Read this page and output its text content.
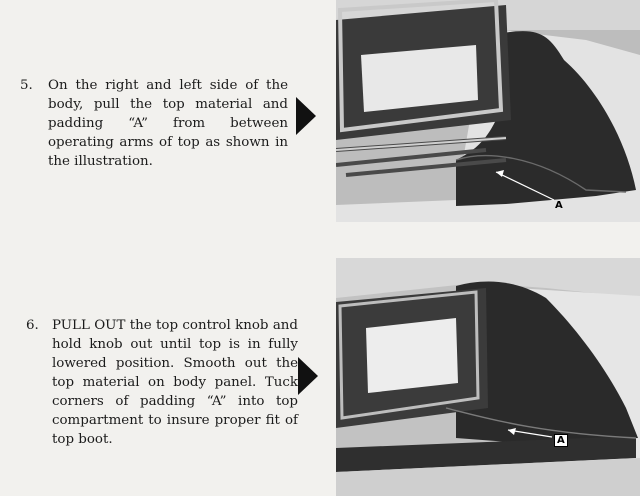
5. On the right and left side of the body, pull the top material and padding “A” from between operating arms of top as shown in the illustration.
A
6. PULL OUT the top control knob and hold knob out until top is in fully lowered position. Smooth out the top material on body panel. Tuck corners of padding “A” into top compartment to insure proper fit of top boot.	A
